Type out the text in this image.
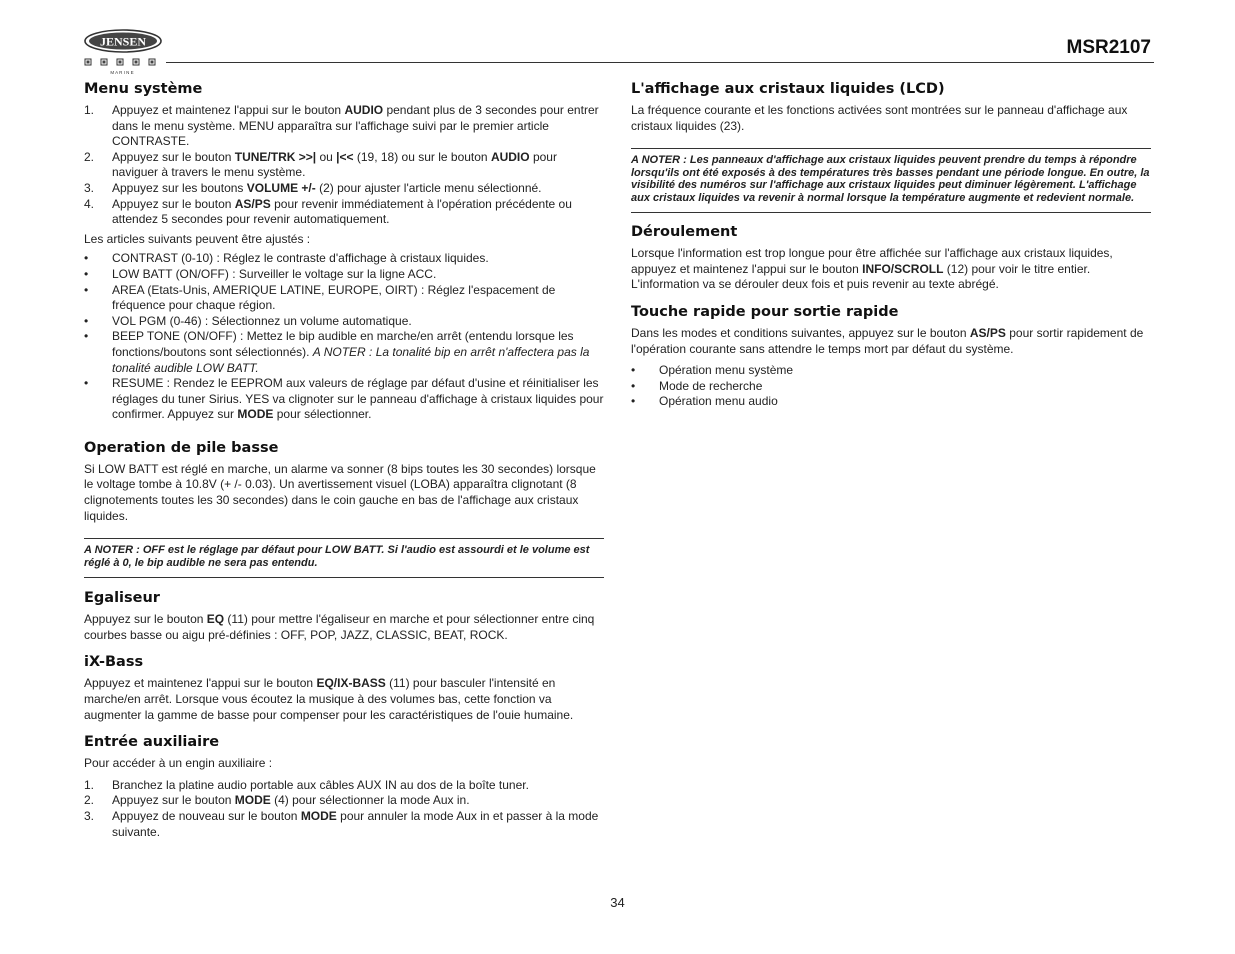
JENSEN
M A R I N E
MSR2107
Menu système
1. Appuyez et maintenez l'appui sur le bouton AUDIO pendant plus de 3 secondes pour entrer dans le menu système. MENU apparaîtra sur l'affichage suivi par le premier article CONTRASTE.
2. Appuyez sur le bouton TUNE/TRK >>| ou |<< (19, 18) ou sur le bouton AUDIO pour naviguer à travers le menu système.
3. Appuyez sur les boutons VOLUME +/- (2) pour ajuster l'article menu sélectionné.
4. Appuyez sur le bouton AS/PS pour revenir immédiatement à l'opération précédente ou attendez 5 secondes pour revenir automatiquement.
Les articles suivants peuvent être ajustés :
• CONTRAST (0-10) : Réglez le contraste d'affichage à cristaux liquides.
• LOW BATT (ON/OFF) : Surveiller le voltage sur la ligne ACC.
• AREA (Etats-Unis, AMERIQUE LATINE, EUROPE, OIRT) : Réglez l'espacement de fréquence pour chaque région.
• VOL PGM (0-46) : Sélectionnez un volume automatique.
• BEEP TONE (ON/OFF) : Mettez le bip audible en marche/en arrêt (entendu lorsque les fonctions/boutons sont sélectionnés). A NOTER : La tonalité bip en arrêt n'affectera pas la tonalité audible LOW BATT.
• RESUME : Rendez le EEPROM aux valeurs de réglage par défaut d'usine et réinitialiser les réglages du tuner Sirius. YES va clignoter sur le panneau d'affichage à cristaux liquides pour confirmer. Appuyez sur MODE pour sélectionner.
Operation de pile basse
Si LOW BATT est réglé en marche, un alarme va sonner (8 bips toutes les 30 secondes) lorsque le voltage tombe à 10.8V (+ /- 0.03). Un avertissement visuel (LOBA) apparaîtra clignotant (8 clignotements toutes les 30 secondes) dans le coin gauche en bas de l'affichage aux cristaux liquides.
A NOTER : OFF est le réglage par défaut pour LOW BATT. Si l'audio est assourdi et le volume est réglé à 0, le bip audible ne sera pas entendu.
Egaliseur
Appuyez sur le bouton EQ (11) pour mettre l'égaliseur en marche et pour sélectionner entre cinq courbes basse ou aigu pré-définies : OFF, POP, JAZZ, CLASSIC, BEAT, ROCK.
iX-Bass
Appuyez et maintenez l'appui sur le bouton EQ/IX-BASS (11) pour basculer l'intensité en marche/en arrêt. Lorsque vous écoutez la musique à des volumes bas, cette fonction va augmenter la gamme de basse pour compenser pour les caractéristiques de l'ouie humaine.
Entrée auxiliaire
Pour accéder à un engin auxiliaire :
1. Branchez la platine audio portable aux câbles AUX IN au dos de la boîte tuner.
2. Appuyez sur le bouton MODE (4) pour sélectionner la mode Aux in.
3. Appuyez de nouveau sur le bouton MODE pour annuler la mode Aux in et passer à la mode suivante.
L'affichage aux cristaux liquides (LCD)
La fréquence courante et les fonctions activées sont montrées sur le panneau d'affichage aux cristaux liquides (23).
A NOTER : Les panneaux d'affichage aux cristaux liquides peuvent prendre du temps à répondre lorsqu'ils ont été exposés à des températures très basses pendant une période longue. En outre, la visibilité des numéros sur l'affichage aux cristaux liquides peut diminuer légèrement. L'affichage aux cristaux liquides va revenir à normal lorsque la température augmente et redevient normale.
Déroulement
Lorsque l'information est trop longue pour être affichée sur l'affichage aux cristaux liquides, appuyez et maintenez l'appui sur le bouton INFO/SCROLL (12) pour voir le titre entier. L'information va se dérouler deux fois et puis revenir au texte abrégé.
Touche rapide pour sortie rapide
Dans les modes et conditions suivantes, appuyez sur le bouton AS/PS pour sortir rapidement de l'opération courante sans attendre le temps mort par défaut du système.
• Opération menu système
• Mode de recherche
• Opération menu audio
34
